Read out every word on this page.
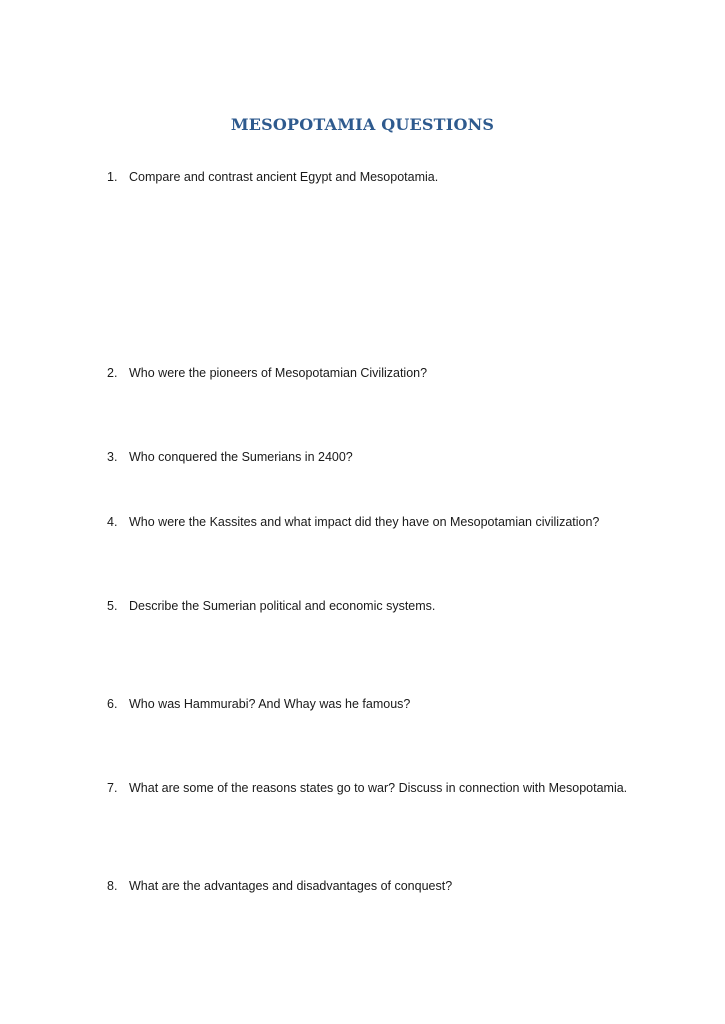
MESOPOTAMIA QUESTIONS
1. Compare and contrast ancient Egypt and Mesopotamia.
2. Who were the pioneers of Mesopotamian Civilization?
3. Who conquered the Sumerians in 2400?
4. Who were the Kassites and what impact did they have on Mesopotamian civilization?
5. Describe the Sumerian political and economic systems.
6. Who was Hammurabi? And Whay was he famous?
7. What are some of the reasons states go to war? Discuss in connection with Mesopotamia.
8. What are the advantages and disadvantages of conquest?
